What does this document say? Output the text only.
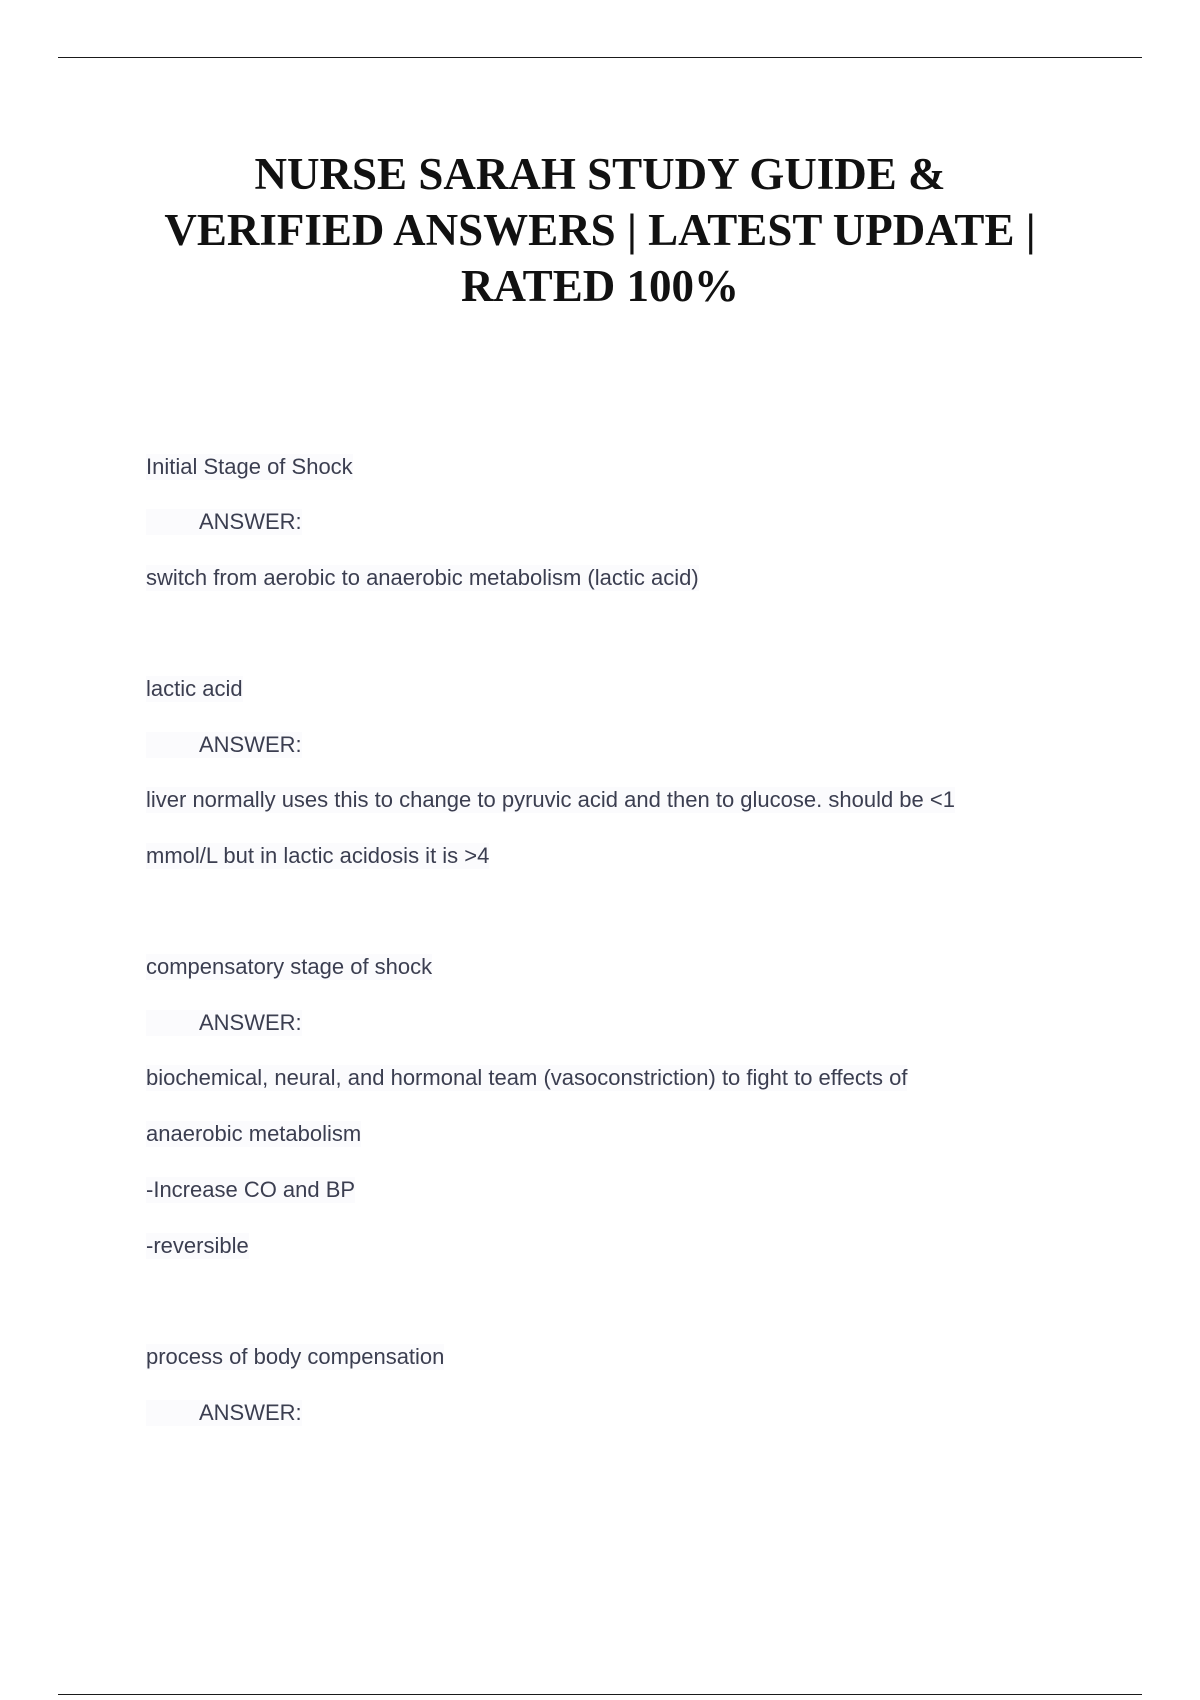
NURSE SARAH STUDY GUIDE &
VERIFIED ANSWERS | LATEST UPDATE |
RATED 100%
Initial Stage of Shock
ANSWER:
switch from aerobic to anaerobic metabolism (lactic acid)
lactic acid
ANSWER:
liver normally uses this to change to pyruvic acid and then to glucose. should be <1
mmol/L but in lactic acidosis it is >4
compensatory stage of shock
ANSWER:
biochemical, neural, and hormonal team (vasoconstriction) to fight to effects of
anaerobic metabolism
-Increase CO and BP
-reversible
process of body compensation
ANSWER:
